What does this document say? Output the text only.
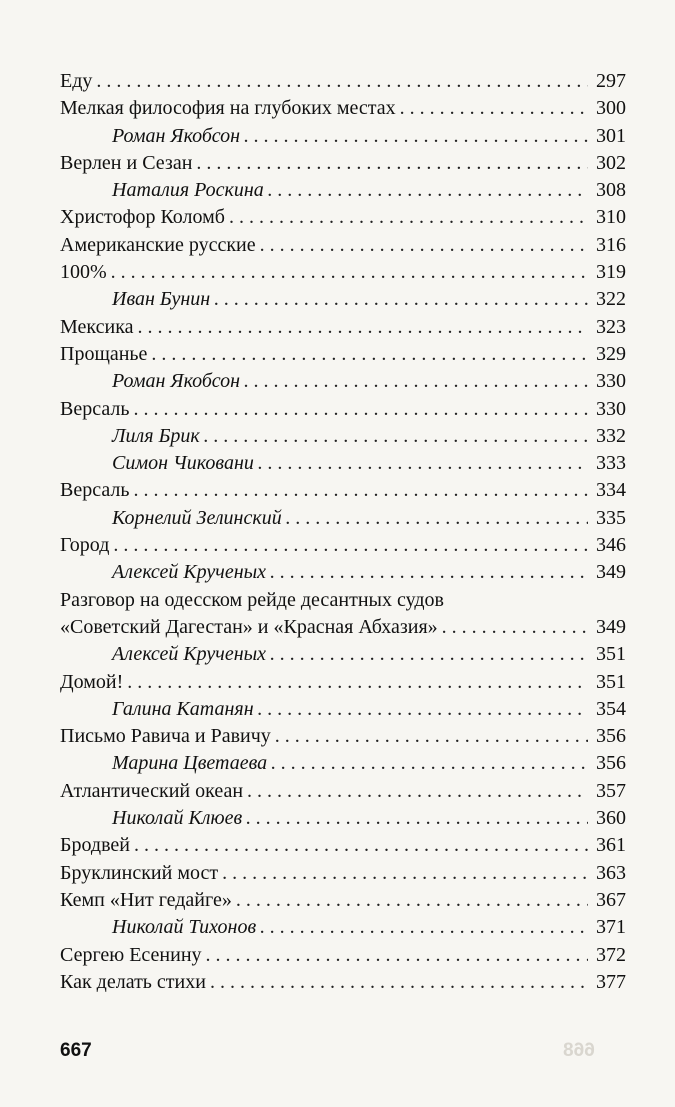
Еду . . .	297
Мелкая философия на глубоких местах . . .	300
Роман Якобсон . . .	301
Верлен и Сезан . . .	302
Наталия Роскина . . .	308
Христофор Коломб . . .	310
Американские русские . . .	316
100% . . .	319
Иван Бунин . . .	322
Мексика . . .	323
Прощанье . . .	329
Роман Якобсон . . .	330
Версаль . . .	330
Лиля Брик . . .	332
Симон Чиковани . . .	333
Версаль . . .	334
Корнелий Зелинский . . .	335
Город . . .	346
Алексей Крученых . . .	349
Разговор на одесском рейде десантных судов
«Советский Дагестан» и «Красная Абхазия» . . .	349
Алексей Крученых . . .	351
Домой! . . .	351
Галина Катанян . . .	354
Письмо Равича и Равичу . . .	356
Марина Цветаева . . .	356
Атлантический океан . . .	357
Николай Клюев . . .	360
Бродвей . . .	361
Бруклинский мост . . .	363
Кемп «Нит гедайге» . . .	367
Николай Тихонов . . .	371
Сергею Есенину . . .	372
Как делать стихи . . .	377
667	668
